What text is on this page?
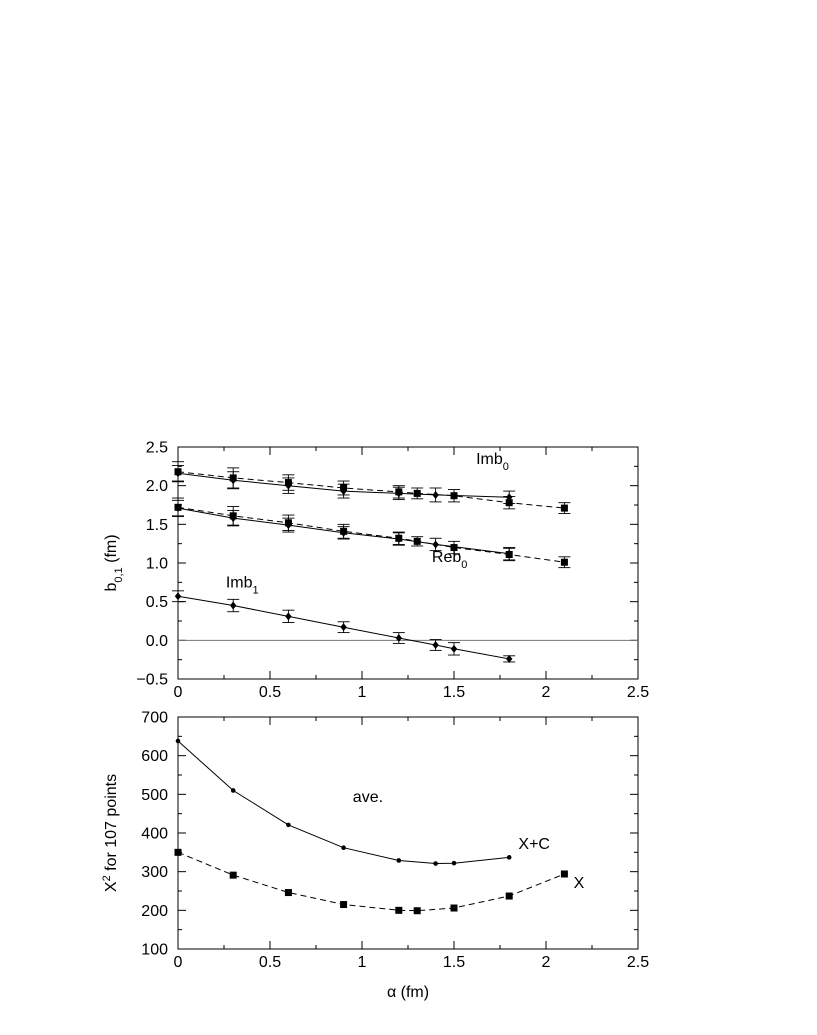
0	0.5	1	1.5	2	2.5
−0.5
0.0
0.5
1.0
1.5
2.0
2.5
Imb$_0$
Reb$_0$
Imb$_1$
$b_{0,1}$ (fm)
0	0.5	1	1.5	2	2.5
100
200
300
400
500
600
700
ave.
X+C
X
$X^2$ for 107 points
α (fm)
